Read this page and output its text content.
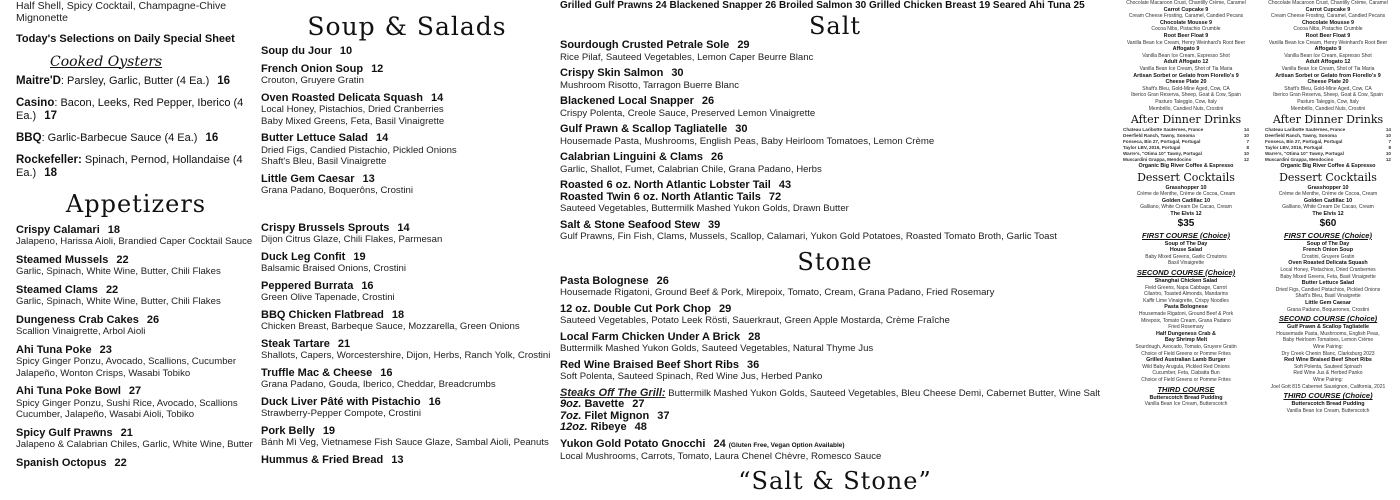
Half Shell, Spicy Cocktail, Champagne-Chive Mignonette
Today's Selections on Daily Special Sheet
Cooked Oysters
Maitre'D: Parsley, Garlic, Butter (4 Ea.) 16
Casino: Bacon, Leeks, Red Pepper, Iberico (4 Ea.) 17
BBQ: Garlic-Barbecue Sauce (4 Ea.) 16
Rockefeller: Spinach, Pernod, Hollandaise (4 Ea.) 18
Appetizers
Crispy Calamari 18
Jalapeno, Harissa Aioli, Brandied Caper Cocktail Sauce
Steamed Mussels 22
Garlic, Spinach, White Wine, Butter, Chili Flakes
Steamed Clams 22
Garlic, Spinach, White Wine, Butter, Chili Flakes
Dungeness Crab Cakes 26
Scallion Vinaigrette, Arbol Aioli
Ahi Tuna Poke 23
Spicy Ginger Ponzu, Avocado, Scallions, Cucumber
Jalapeño, Wonton Crisps, Wasabi Tobiko
Ahi Tuna Poke Bowl 27
Spicy Ginger Ponzu, Sushi Rice, Avocado, Scallions
Cucumber, Jalapeño, Wasabi Aioli, Tobiko
Spicy Gulf Prawns 21
Jalapeno & Calabrian Chiles, Garlic, White Wine, Butter
Spanish Octopus 22
Soup & Salads
Soup du Jour 10
French Onion Soup 12
Crouton, Gruyere Gratin
Oven Roasted Delicata Squash 14
Local Honey, Pistachios, Dried Cranberries
Baby Mixed Greens, Feta, Basil Vinaigrette
Butter Lettuce Salad 14
Dried Figs, Candied Pistachio, Pickled Onions
Shaft's Bleu, Basil Vinaigrette
Little Gem Caesar 13
Grana Padano, Boquerôns, Crostini
Crispy Brussels Sprouts 14
Dijon Citrus Glaze, Chili Flakes, Parmesan
Duck Leg Confit 19
Balsamic Braised Onions, Crostini
Peppered Burrata 16
Green Olive Tapenade, Crostini
BBQ Chicken Flatbread 18
Chicken Breast, Barbeque Sauce, Mozzarella, Green Onions
Steak Tartare 21
Shallots, Capers, Worcestershire, Dijon, Herbs, Ranch Yolk, Crostini
Truffle Mac & Cheese 16
Grana Padano, Gouda, Iberico, Cheddar, Breadcrumbs
Duck Liver Pâté with Pistachio 16
Strawberry-Pepper Compote, Crostini
Pork Belly 19
Bánh Mì Veg, Vietnamese Fish Sauce Glaze, Sambal Aioli, Peanuts
Hummus & Fried Bread 13
Grilled Gulf Prawns 24 Blackened Snapper 26 Broiled Salmon 30 Grilled Chicken Breast 19 Seared Ahi Tuna 25
Salt
Sourdough Crusted Petrale Sole 29
Rice Pilaf, Sauteed Vegetables, Lemon Caper Beurre Blanc
Crispy Skin Salmon 30
Mushroom Risotto, Tarragon Buerre Blanc
Blackened Local Snapper 26
Crispy Polenta, Creole Sauce, Preserved Lemon Vinaigrette
Gulf Prawn & Scallop Tagliatelle 30
Housemade Pasta, Mushrooms, English Peas, Baby Heirloom Tomatoes, Lemon Crème
Calabrian Linguini & Clams 26
Garlic, Shallot, Fumet, Calabrian Chile, Grana Padano, Herbs
Roasted 6 oz. North Atlantic Lobster Tail 43
Roasted Twin 6 oz. North Atlantic Tails 72
Sauteed Vegetables, Buttermilk Mashed Yukon Golds, Drawn Butter
Salt & Stone Seafood Stew 39
Gulf Prawns, Fin Fish, Clams, Mussels, Scallop, Calamari, Yukon Gold Potatoes, Roasted Tomato Broth, Garlic Toast
Stone
Pasta Bolognese 26
Housemade Rigatoni, Ground Beef & Pork, Mirepoix, Tomato, Cream, Grana Padano, Fried Rosemary
12 oz. Double Cut Pork Chop 29
Sauteed Vegetables, Potato Leek Rösti, Sauerkraut, Green Apple Mostarda, Crème Fraîche
Local Farm Chicken Under A Brick 28
Buttermilk Mashed Yukon Golds, Sauteed Vegetables, Natural Thyme Jus
Red Wine Braised Beef Short Ribs 36
Soft Polenta, Sauteed Spinach, Red Wine Jus, Herbed Panko
Steaks Off The Grill: Buttermilk Mashed Yukon Golds, Sauteed Vegetables, Bleu Cheese Demi, Cabernet Butter, Wine Salt
9oz. Bavette 27
7oz. Filet Mignon 37
12oz. Ribeye 48
Yukon Gold Potato Gnocchi 24 (Gluten Free, Vegan Option Available)
Local Mushrooms, Carrots, Tomato, Laura Chenel Chèvre, Romesco Sauce
“Salt & Stone”
Chocolate Macaroon Crust, Chantilly Crème, Caramel
Carrot Cupcake 9
Cream Cheese Frosting, Caramel, Candied Pecans
Chocolate Mousse 9
Cocoa Nibs, Pistachio Crumble
Root Beer Float 9
Vanilla Bean Ice Cream, Henry Weinhard's Root Beer
Affogato 9
Vanilla Bean Ice Cream, Espresso Shot
Adult Affogato 12
Vanilla Bean Ice Cream, Shot of Tia Maria
Artisan Sorbet or Gelato from Fiorello's 9
Cheese Plate 20
Shaft's Bleu, Gold-Mine Aged, Cow, CA
Iberico Gran Reserva, Sheep, Goat & Cow, Spain
Pasturo Taleggio, Cow, Italy
Membrillo, Candied Nuts, Crostini
After Dinner Drinks
Chateau Laribotte Sauternes, France	14
Deerfield Ranch, Tawny, Sonoma	10
Fonseca, Bin 27, Portugal, Portugal	7
Taylor LBV, 2016, Portugal	8
Warre's, "Otima 10" Tawny, Portugal	10
Muscardini Grappa, Mendocino	12
Organic Big River Coffee & Espresso
Dessert Cocktails
Grasshopper 10
Crème de Menthe, Crème de Cocoa, Cream
Golden Cadillac 10
Galliano, White Cream De Cacao, Cream
The Elvis 12
$35
FIRST COURSE (Choice)
Soup of The Day
House Salad
Baby Mixed Greens, Garlic Croutons
Basil Vinaigrette
SECOND COURSE (Choice)
Shanghai Chicken Salad
Field Greens, Napa Cabbage, Carrot
Cilantro, Toasted Almonds, Mandarins
Kaffir Lime Vinaigrette, Crispy Noodles
Pasta Bolognese
Housemade Rigatoni, Ground Beef & Pork
Mirepoix, Tomato Cream, Grana Padano
Fried Rosemary
Half Dungeness Crab &
Bay Shrimp Melt
Sourdough, Avocado, Tomato, Gruyere Gratin
Choice of Field Greens or Pomme Frites
Grilled Australian Lamb Burger
Wild Baby Arugula, Pickled Red Onions
Cucumber, Feta, Ciabatta Bun
Choice of Field Greens or Pomme Frites
THIRD COURSE
Butterscotch Bread Pudding
Vanilla Bean Ice Cream, Butterscotch
Chocolate Macaroon Crust, Chantilly Crème, Caramel
Carrot Cupcake 9
Cream Cheese Frosting, Caramel, Candied Pecans
Chocolate Mousse 9
Cocoa Nibs, Pistachio Crumble
Root Beer Float 9
Vanilla Bean Ice Cream, Henry Weinhard's Root Beer
Affogato 9
Vanilla Bean Ice Cream, Espresso Shot
Adult Affogato 12
Vanilla Bean Ice Cream, Shot of Tia Maria
Artisan Sorbet or Gelato from Fiorello's 9
Cheese Plate 20
Shaft's Bleu, Gold-Mine Aged, Cow, CA
Iberico Gran Reserva, Sheep, Goat & Cow, Spain
Pasturo Taleggio, Cow, Italy
Membrillo, Candied Nuts, Crostini
After Dinner Drinks
Chateau Laribotte Sauternes, France	14
Deerfield Ranch, Tawny, Sonoma	10
Fonseca, Bin 27, Portugal, Portugal	7
Taylor LBV, 2016, Portugal	8
Warre's, "Otima 10" Tawny, Portugal	10
Muscardini Grappa, Mendocino	12
Organic Big River Coffee & Espresso
Dessert Cocktails
Grasshopper 10
Crème de Menthe, Crème de Cocoa, Cream
Golden Cadillac 10
Galliano, White Cream De Cacao, Cream
The Elvis 12
$60
FIRST COURSE (Choice)
Soup of The Day
French Onion Soup
Crostini, Gruyere Gratin
Oven Roasted Delicata Squash
Local Honey, Pistachios, Dried Cranberries
Baby Mixed Greens, Feta, Basil Vinaigrette
Butter Lettuce Salad
Dried Figs, Candied Pistachios, Pickled Onions
Shaft's Bleu, Basil Vinaigrette
Little Gem Caesar
Grana Padano, Boquerones, Crostini
SECOND COURSE (Choice)
Gulf Prawn & Scallop Tagliatelle
Housemade Pasta, Mushrooms, English Peas,
Baby Heirloom Tomatoes, Lemon Crème
Wine Pairing:
Dry Creek Chenin Blanc, Clarksburg 2023
Red Wine Braised Beef Short Ribs
Soft Polenta, Sauteed Spinach
Red Wine Jus & Herbed Panko
Wine Pairing:
Joel Gott 815 Cabernet Sauvignon, California, 2021
THIRD COURSE (Choice)
Butterscotch Bread Pudding
Vanilla Bean Ice Cream, Butterscotch
